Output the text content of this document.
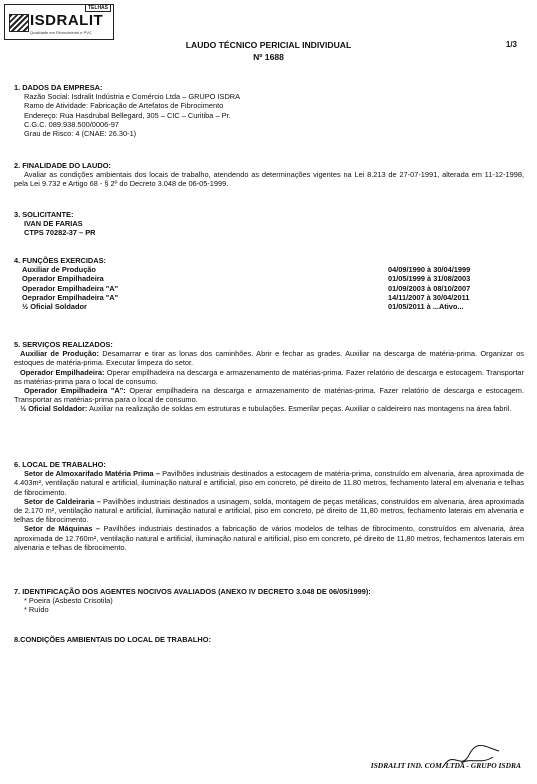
TELHAS
ISDRALIT
Qualidade em Fibrocimento e PVC
LAUDO TÉCNICO PERICIAL INDIVIDUAL
Nº 1688
1/3
1. DADOS DA EMPRESA:
Razão Social: Isdralit Indústria e Comércio Ltda – GRUPO ISDRA
Ramo de Atividade: Fabricação de Artefatos de Fibrocimento
Endereço: Rua Hasdrubal Bellegard, 305 – CIC – Curitiba – Pr.
C.G.C. 089.938.500/0006-97
Grau de Risco: 4 (CNAE: 26.30-1)
2. FINALIDADE DO LAUDO:
Avaliar as condições ambientais dos locais de trabalho, atendendo as determinações vigentes na Lei 8.213 de 27-07-1991, alterada em 11-12-1998, pela Lei 9.732 e Artigo 68 - § 2º do Decreto 3.048 de 06-05-1999.
3. SOLICITANTE:
IVAN DE FARIAS
CTPS 70282-37 – PR
4. FUNÇÕES EXERCIDAS:
Auxiliar de Produção	04/09/1990 à 30/04/1999
Operador Empilhadeira	01/05/1999 à 31/08/2003
Operador Empilhadeira "A"	01/09/2003 à 08/10/2007
Oeprador Empilhadeira "A"	14/11/2007 à 30/04/2011
½ Oficial Soldador	01/05/2011 à ...Ativo...
5. SERVIÇOS REALIZADOS:
Auxiliar de Produção: Desamarrar e tirar as lonas dos caminhões. Abrir e fechar as grades. Auxiliar na descarga de matéria-prima. Organizar os estoques de matéria-prima. Executar limpeza do setor.
Operador Empilhadeira: Operar empilhadeira na descarga e armazenamento de matérias-prima. Fazer relatório de descarga e estocagem. Transportar as matérias-prima para o local de consumo.
Operador Empilhadeira "A": Operar empilhadeira na descarga e armazenamento de matérias-prima. Fazer relatório de descarga e estocagem. Transportar as matérias-prima para o local de consumo.
½ Oficial Soldador: Auxiliar na realização de soldas em estruturas e tubulações. Esmerilar peças. Auxiliar o caldeireiro nas montagens na área fabril.
6. LOCAL DE TRABALHO:
Setor de Almoxarifado Matéria Prima – Pavilhões industriais destinados a estocagem de matéria-prima, construído em alvenaria, área aproximada de 4.403m², ventilação natural e artificial, iluminação natural e artificial, piso em concreto, pé direito de 11.80 metros, fechamento lateral em alvenaria e telhas de fibrocimento.
Setor de Caldeiraria – Pavilhões industriais destinados a usinagem, solda, montagem de peças metálicas, construídos em alvenaria, área aproximada de 2.170 m², ventilação natural e artificial, iluminação natural e artificial, piso em concreto, pé direito de 11,80 metros, fechamento laterais em alvenaria e telhas de fibrocimento.
Setor de Máquinas – Pavilhões industriais destinados a fabricação de vários modelos de telhas de fibrocimento, construídos em alvenaria, área aproximada de 12.760m², ventilação natural e artificial, iluminação natural e artificial, piso em concreto, pé direito de 11,80 metros, fechamentos laterais em alvenaria e telhas de fibrocimento.
7. IDENTIFICAÇÃO DOS AGENTES NOCIVOS AVALIADOS (ANEXO IV DECRETO 3.048 DE 06/05/1999):
* Poeira (Asbesto Crisotila)
* Ruído
8.CONDIÇÕES AMBIENTAIS DO LOCAL DE TRABALHO:
ISDRALIT IND. COM. LTDA - GRUPO ISDRA
